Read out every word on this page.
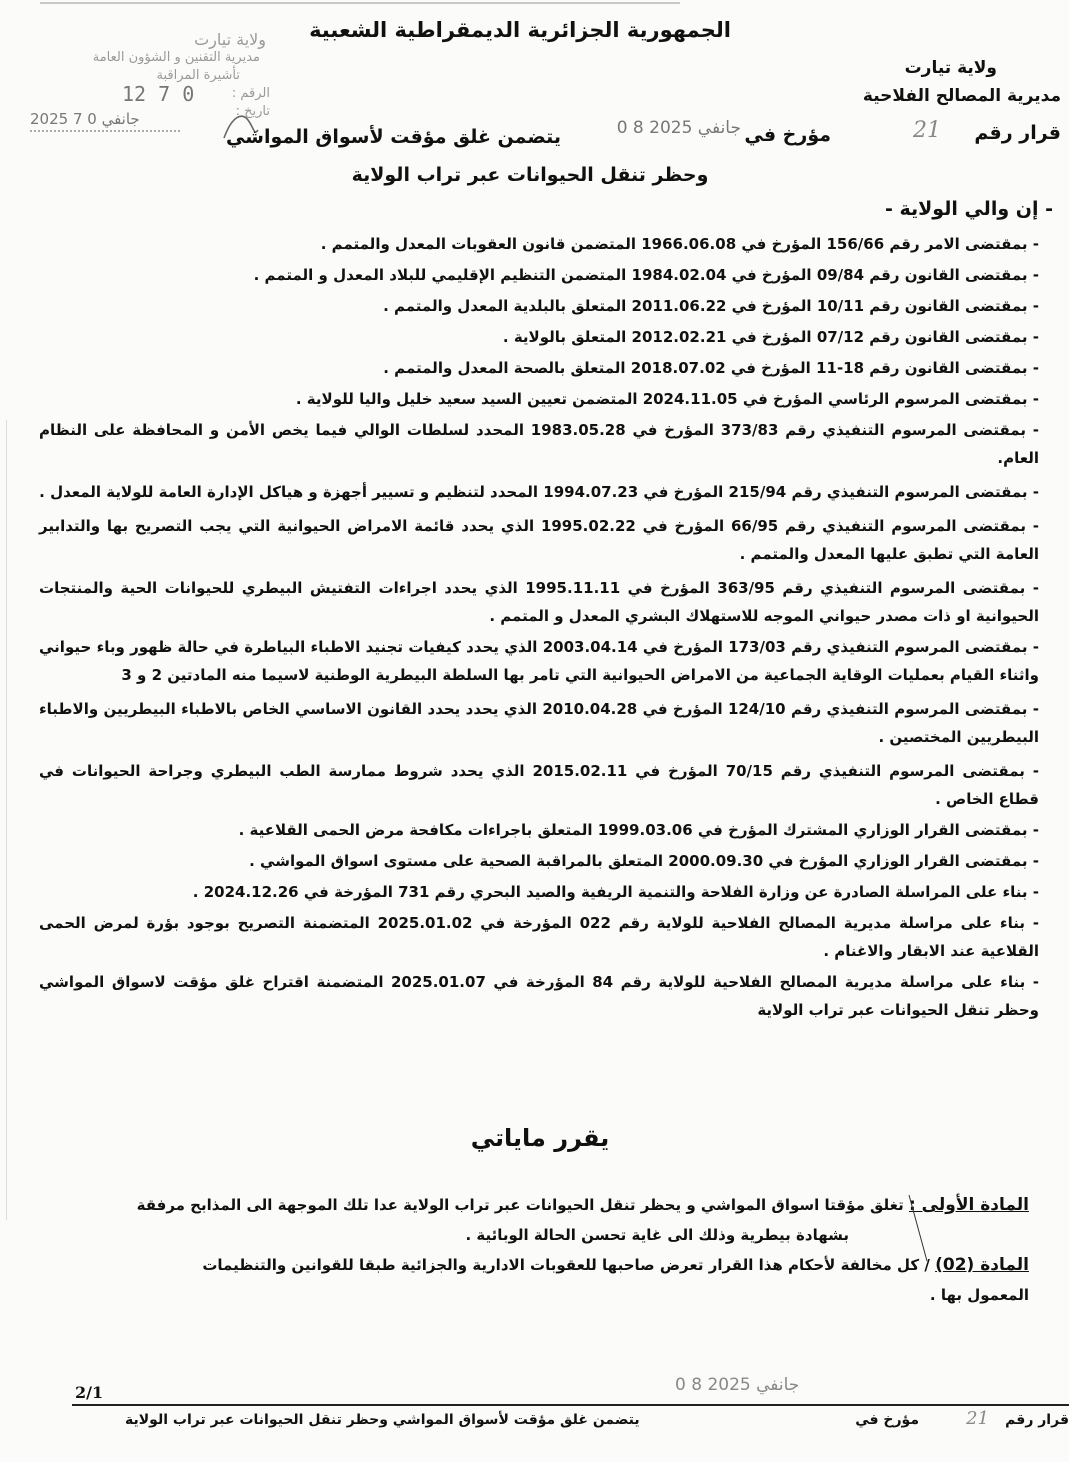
الجمهورية الجزائرية الديمقراطية الشعبية
ولاية تيارت
مديرية المصالح الفلاحية
ولاية تيارت
مديرية التقنين و الشؤون العامة
تأشيرة المراقبة
الرقم :
تاريخ :
0 7 12
2025 جانفي 0 7
قرار رقم
21
مؤرخ في
0 8 جانفي 2025
يتضمن غلق مؤقت لأسواق المواشي
وحظر تنقل الحيوانات عبر تراب الولاية
- إن والي الولاية -
- بمقتضى الامر رقم 156/66 المؤرخ في 1966.06.08 المتضمن قانون العقوبات المعدل والمتمم .
- بمقتضى القانون رقم 09/84 المؤرخ في 1984.02.04 المتضمن التنظيم الإقليمي للبلاد المعدل و المتمم .
- بمقتضى القانون رقم 10/11 المؤرخ في 2011.06.22 المتعلق بالبلدية المعدل والمتمم .
- بمقتضى القانون رقم 07/12 المؤرخ في 2012.02.21 المتعلق بالولاية .
- بمقتضى القانون رقم 18-11 المؤرخ في 2018.07.02 المتعلق بالصحة المعدل والمتمم .
- بمقتضى المرسوم الرئاسي المؤرخ في 2024.11.05 المتضمن تعيين السيد سعيد خليل واليا للولاية .
- بمقتضى المرسوم التنفيذي رقم 373/83 المؤرخ في 1983.05.28 المحدد لسلطات الوالي فيما يخص الأمن و المحافظة على النظام العام.
- بمقتضى المرسوم التنفيذي رقم 215/94 المؤرخ في 1994.07.23 المحدد لتنظيم و تسيير أجهزة و هياكل الإدارة العامة للولاية المعدل .
- بمقتضى المرسوم التنفيذي رقم 66/95 المؤرخ في 1995.02.22 الذي يحدد قائمة الامراض الحيوانية التي يجب التصريح بها والتدابير العامة التي تطبق عليها المعدل والمتمم .
- بمقتضى المرسوم التنفيذي رقم 363/95 المؤرخ في 1995.11.11 الذي يحدد اجراءات التفتيش البيطري للحيوانات الحية والمنتجات الحيوانية او ذات مصدر حيواني الموجه للاستهلاك البشري المعدل و المتمم .
- بمقتضى المرسوم التنفيذي رقم 173/03 المؤرخ في 2003.04.14 الذي يحدد كيفيات تجنيد الاطباء البياطرة في حالة ظهور وباء حيواني واثناء القيام بعمليات الوقاية الجماعية من الامراض الحيوانية التي تامر بها السلطة البيطرية الوطنية لاسيما منه المادتين 2 و 3
- بمقتضى المرسوم التنفيذي رقم 124/10 المؤرخ في 2010.04.28 الذي يحدد يحدد القانون الاساسي الخاص بالاطباء البيطريين والاطباء البيطريين المختصين .
- بمقتضى المرسوم التنفيذي رقم 70/15 المؤرخ في 2015.02.11 الذي يحدد شروط ممارسة الطب البيطري وجراحة الحيوانات في قطاع الخاص .
- بمقتضى القرار الوزاري المشترك المؤرخ في 1999.03.06 المتعلق باجراءات مكافحة مرض الحمى القلاعية .
- بمقتضى القرار الوزاري المؤرخ في 2000.09.30 المتعلق بالمراقبة الصحية على مستوى اسواق المواشي .
- بناء على المراسلة الصادرة عن وزارة الفلاحة والتنمية الريفية والصيد البحري رقم 731 المؤرخة في 2024.12.26 .
- بناء على مراسلة مديرية المصالح الفلاحية للولاية رقم 022 المؤرخة في 2025.01.02 المتضمنة التصريح بوجود بؤرة لمرض الحمى القلاعية عند الابقار والاغنام .
- بناء على مراسلة مديرية المصالح الفلاحية للولاية رقم 84 المؤرخة في 2025.01.07 المتضمنة اقتراح غلق مؤقت لاسواق المواشي وحظر تنقل الحيوانات عبر تراب الولاية
يقرر ماياتي
المادة الأولى : تغلق مؤقتا اسواق المواشي و يحظر تنقل الحيوانات عبر تراب الولاية عدا تلك الموجهة الى المذابح مرفقة
بشهادة بيطرية وذلك الى غاية تحسن الحالة الوبائية .
المادة (02) / كل مخالفة لأحكام هذا القرار تعرض صاحبها للعقوبات الادارية والجزائية طبقا للقوانين والتنظيمات
المعمول بها .
2/1	0 8 جانفي 2025
قرار رقم
21
مؤرخ في
يتضمن غلق مؤقت لأسواق المواشي وحظر تنقل الحيوانات عبر تراب الولاية
